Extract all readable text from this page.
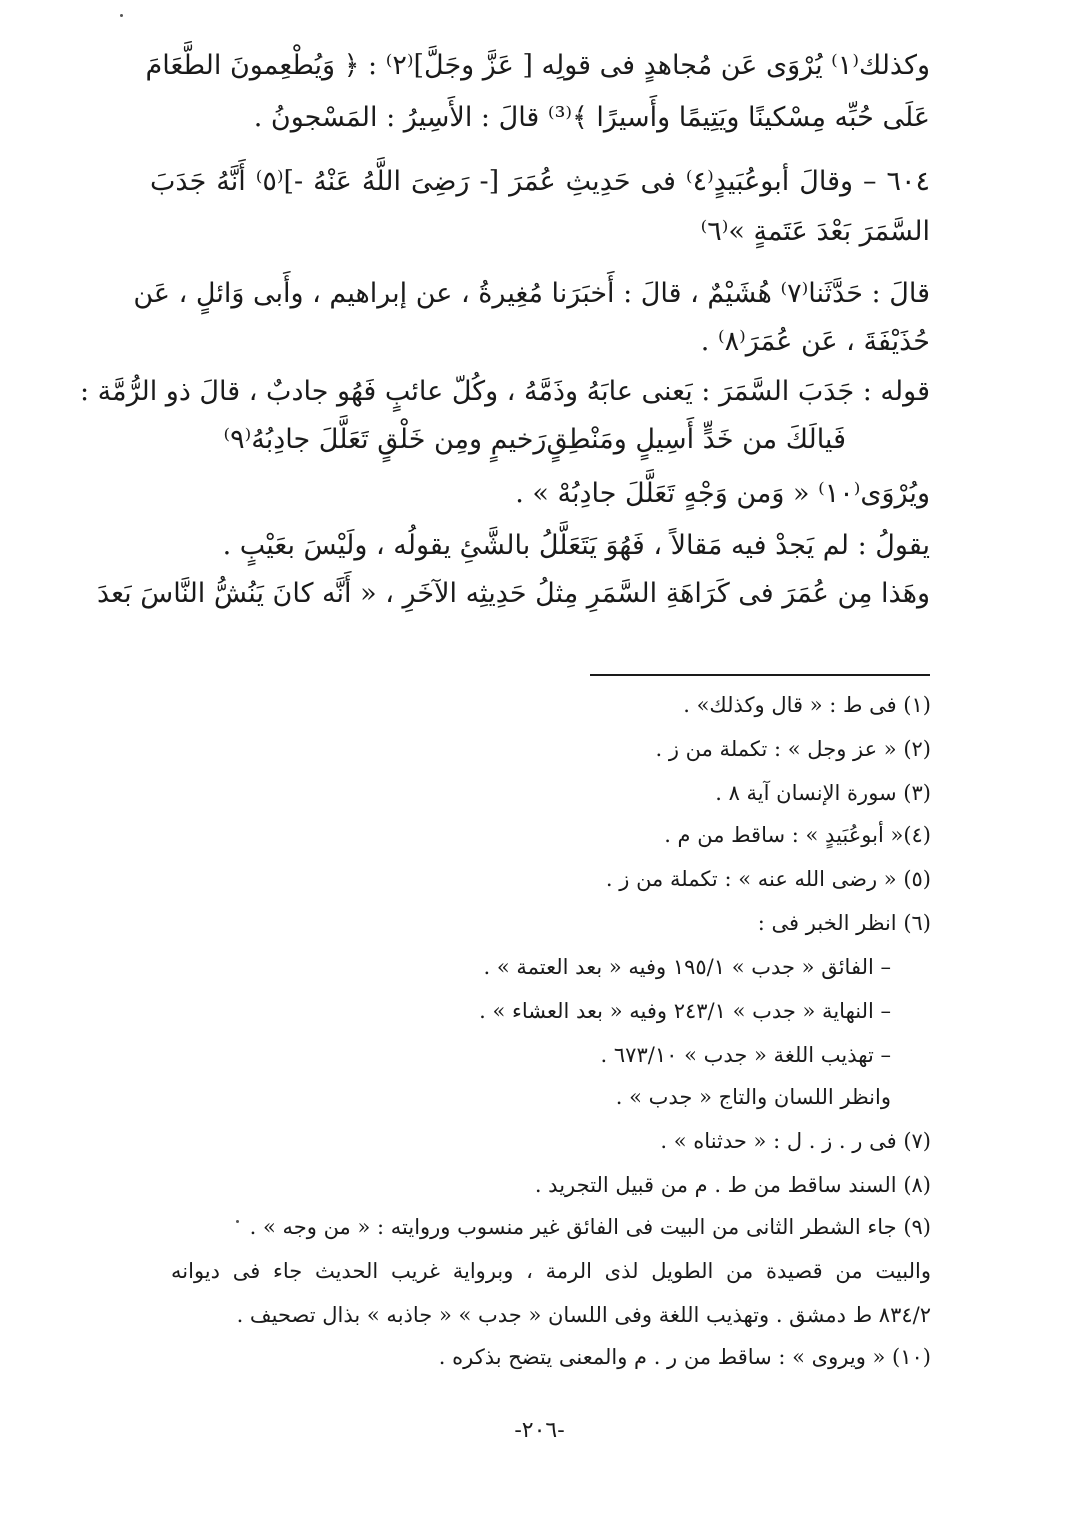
وكذلك⁽١⁾ يُرْوَى عَن مُجاهدٍ فى قولِه [ عَزَّ وجَلَّ]⁽٢⁾ : ﴿ وَيُطْعِمونَ الطَّعَامَ
عَلَى حُبِّه مِسْكينًا ويَتِيمًا وأَسيرًا ﴾⁽³⁾ قالَ : الأَسِيرُ : المَسْجونُ .
٦٠٤ – وقالَ أبوعُبَيدٍ⁽٤⁾ فى حَدِيثِ عُمَرَ [- رَضِىَ اللَّهُ عَنْهُ -]⁽٥⁾ أَنَّهُ جَدَبَ
السَّمَرَ بَعْدَ عَتَمةٍ »⁽٦⁾
قالَ : حَدَّثَنا⁽٧⁾ هُشَيْمٌ ، قالَ : أَخبَرَنا مُغِيرةُ ، عن إبراهيم ، وأَبى وَائلٍ ، عَن
حُذَيْفَةَ ، عَن عُمَرَ⁽٨⁾ .
قوله : جَدَبَ السَّمَرَ : يَعنى عابَهُ وذَمَّهُ ، وكُلّ عائبٍ فَهُو جادبٌ ، قالَ ذو الرُّمَّة :
فَيالَكَ من خَدٍّ أَسِيلٍ ومَنْطِقٍ
رَخيمٍ ومِن خَلْقٍ تَعَلَّلَ جادِبُهُ⁽٩⁾
ويُرْوَى⁽١٠⁾ « وَمن وَجْهٍ تَعَلَّلَ جادِبُهْ » .
يقولُ : لم يَجدْ فيه مَقالاً ، فَهُوَ يَتَعَلَّلُ بالشَّئِ يقولُه ، ولَيْسَ بعَيْبٍ .
وهَذا مِن عُمَرَ فى كَرَاهَةِ السَّمَرِ مِثلُ حَدِيثِه الآخَرِ ، « أَنَّه كانَ يَنُشُّ النَّاسَ بَعدَ
(١) فى ط : « قال وكذلك» .
(٢) « عز وجل » : تكملة من ز .
(٣) سورة الإنسان آية ٨ .
(٤)« أبوعُبَيدٍ » : ساقط من م .
(٥) « رضى الله عنه » : تكملة من ز .
(٦) انظر الخبر فى :
– الفائق « جدب » ١٩٥/١ وفيه « بعد العتمة » .
– النهاية « جدب » ٢٤٣/١ وفيه « بعد العشاء » .
– تهذيب اللغة « جدب » ٦٧٣/١٠ .
وانظر اللسان والتاج « جدب » .
(٧) فى ر . ز . ل : « حدثناه » .
(٨) السند ساقط من ط . م من قبيل التجريد .
(٩) جاء الشطر الثانى من البيت فى الفائق غير منسوب وروايته : « من وجه » .
والبيت من قصيدة من الطويل لذى الرمة ، وبرواية غريب الحديث جاء فى ديوانه
٨٣٤/٢ ط دمشق . وتهذيب اللغة وفى اللسان « جدب » « جاذبه » بذال تصحيف .
(١٠) « ويروى » : ساقط من ر . م والمعنى يتضح بذكره .
-٢٠٦-
